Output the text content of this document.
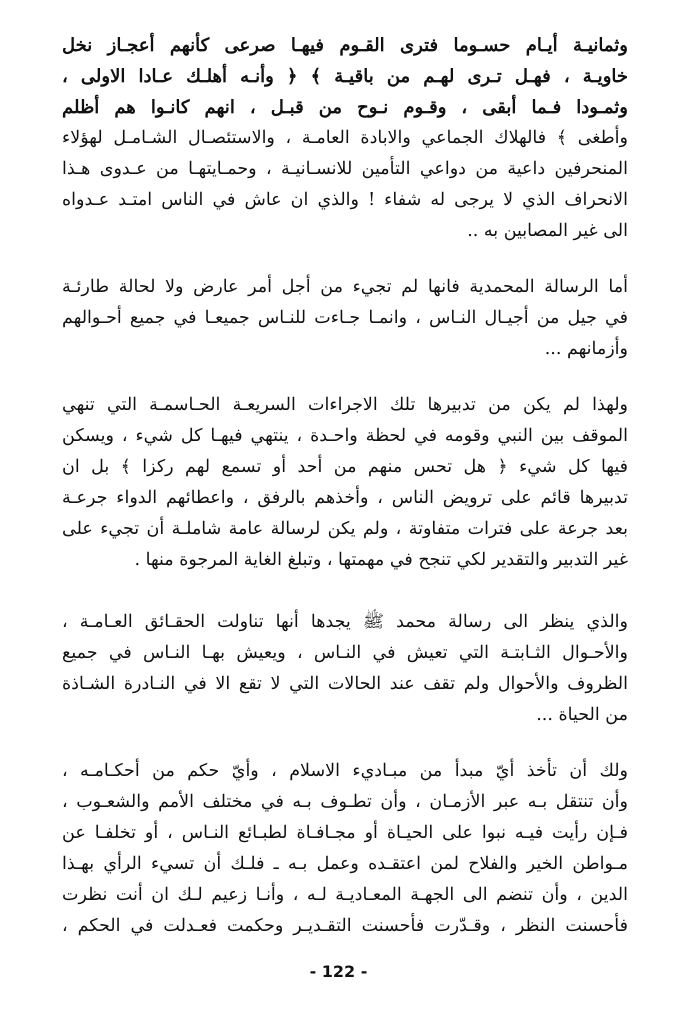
وثمانيـة أيـام حسـوما فترى القـوم فيهـا صرعى كأنهم أعجـاز نخل
خاويـة ، فهـل تـرى لهـم من باقيـة ﴾ ﴿ وأنـه أهلـك عـادا الاولى ،
وثمـودا فـما أبقى ، وقـوم نـوح من قبـل ، انهم كانـوا هم أظلم
وأطغى ﴾ فالهلاك الجماعي والابادة العامـة ، والاستئصـال الشـامـل لهؤلاء
المنحرفين داعية من دواعي التأمين للانسـانيـة ، وحمـايتهـا من عـدوى هـذا
الانحراف الذي لا يرجى له شفاء ! والذي ان عاش في الناس امتـد عـدواه
الى غير المصابين به ..
أما الرسالة المحمدية فانها لم تجيء من أجل أمر عارض ولا لحالة طارئـة
في جيل من أجيـال النـاس ، وانمـا جـاءت للنـاس جميعـا في جميع أحـوالهم
وأزمانهم ...
ولهذا لم يكن من تدبيرها تلك الاجراءات السريعـة الحـاسمـة التي تنهي
الموقف بين النبي وقومه في لحظة واحـدة ، ينتهي فيهـا كل شيء ، ويسكن
فيها كل شيء ﴿ هل تحس منهم من أحد أو تسمع لهم ركزا ﴾ بل ان
تدبيرها قائم على ترويض الناس ، وأخذهم بالرفق ، واعطائهم الدواء جرعـة
بعد جرعة على فترات متفاوتة ، ولم يكن لرسالة عامة شاملـة أن تجيء على
غير التدبير والتقدير لكي تنجح في مهمتها ، وتبلغ الغاية المرجوة منها .
والذي ينظر الى رسالة محمد ﷺ يجدها أنها تناولت الحقـائق العـامـة ،
والأحـوال الثـابتـة التي تعيش في النـاس ، ويعيش بهـا النـاس في جميع
الظروف والأحوال ولم تقف عند الحالات التي لا تقع الا في النـادرة الشـاذة
من الحياة ...
ولك أن تأخذ أيّ مبدأ من مبـاديء الاسلام ، وأيّ حكم من أحكـامـه ،
وأن تنتقل بـه عبر الأزمـان ، وأن تطـوف بـه في مختلف الأمم والشعـوب ،
فـإن رأيت فيـه نبوا على الحيـاة أو مجـافـاة لطبـائع النـاس ، أو تخلفـا عن
مـواطن الخير والفلاح لمن اعتقـده وعمل بـه ـ فلـك أن تسيء الرأي بهـذا
الدين ، وأن تنضم الى الجهـة المعـاديـة لـه ، وأنـا زعيم لـك ان أنت نظرت
فأحسنت النظر ، وقـدّرت فأحسنت التقـديـر وحكمت فعـدلت في الحكم ،
- 122 -
